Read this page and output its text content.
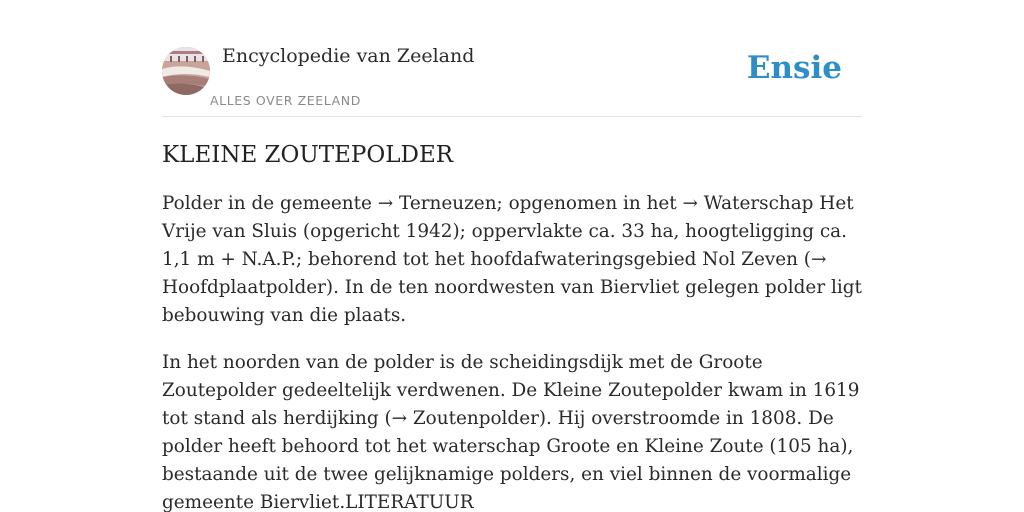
Encyclopedie van Zeeland
ALLES OVER ZEELAND
Ensie
KLEINE ZOUTEPOLDER

Polder in de gemeente → Terneuzen; opgenomen in het → Waterschap Het Vrije van Sluis (opgericht 1942); oppervlakte ca. 33 ha, hoogteligging ca. 1,1 m + N.A.P.; behorend tot het hoofdafwateringsgebied Nol Zeven (→ Hoofdplaatpolder). In de ten noordwesten van Biervliet gelegen polder ligt bebouwing van die plaats.

In het noorden van de polder is de scheidingsdijk met de Groote Zoutepolder gedeeltelijk verdwenen. De Kleine Zoutepolder kwam in 1619 tot stand als herdijking (→ Zoutenpolder). Hij overstroomde in 1808. De polder heeft behoord tot het waterschap Groote en Kleine Zoute (105 ha), bestaande uit de twee gelijknamige polders, en viel binnen de voormalige gemeente Biervliet.LITERATUUR
